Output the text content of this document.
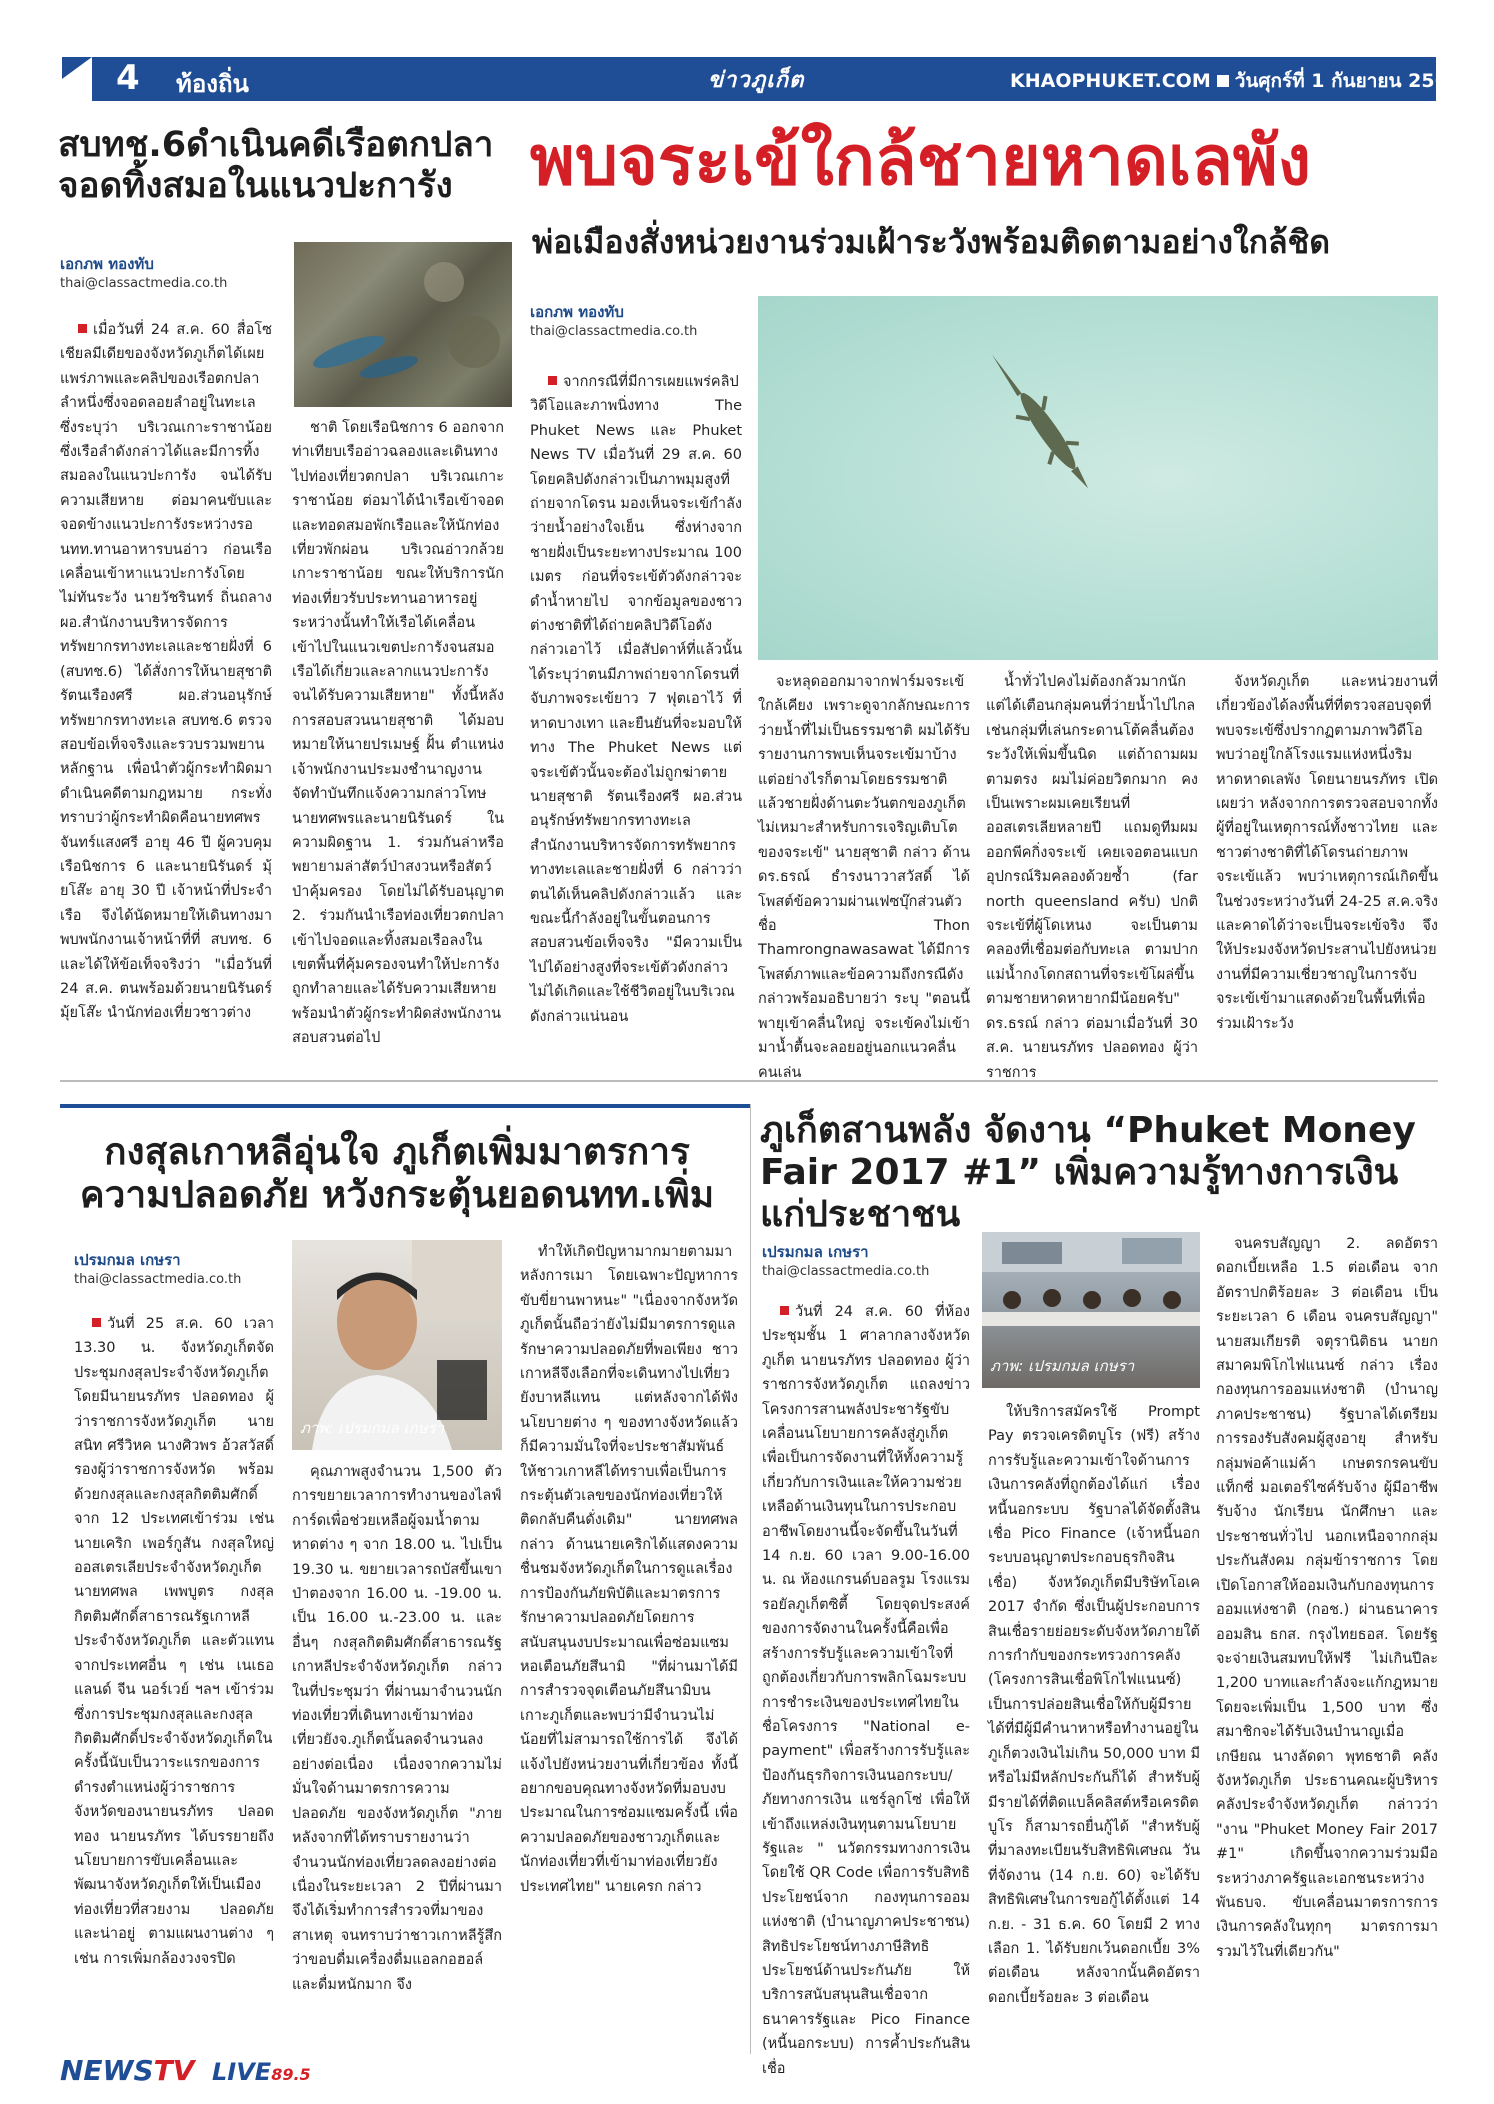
4 ท้องถิ่น	ข่าวภูเก็ต	KHAOPHUKET.COM วันศุกร์ที่ 1 กันยายน 2560
สบทช.6ดำเนินคดีเรือตกปลา จอดทิ้งสมอในแนวปะการัง
เอกภพ ทองทับ
thai@classactmedia.co.th

เมื่อวันที่ 24 ส.ค. 60 สื่อโซเชียลมีเดียของจังหวัดภูเก็ตได้เผยแพร่ภาพและคลิปของเรือตกปลาลำหนึ่งซึ่งจอดลอยลำอยู่ในทะเลซึ่งระบุว่า บริเวณเกาะราชาน้อย ซึ่งเรือลำดังกล่าวได้และมีการทิ้งสมอลงในแนวปะการัง จนได้รับความเสียหาย ต่อมาคนขับและจอดข้างแนวปะการังระหว่างรอ นทท.ทานอาหารบนอ่าว ก่อนเรือเคลื่อนเข้าหาแนวปะการังโดยไม่ทันระวัง นายวัชรินทร์ ถิ่นถลาง ผอ.สำนักงานบริหารจัดการทรัพยากรทางทะเลและชายฝั่งที่ 6 (สบทช.6) ได้สั่งการให้นายสุชาติ รัตนเรืองศรี ผอ.ส่วนอนุรักษ์ทรัพยากรทางทะเล สบทช.6 ตรวจสอบข้อเท็จจริงและรวบรวมพยานหลักฐาน เพื่อนำตัวผู้กระทำผิดมาดำเนินคดีตามกฎหมาย กระทั่งทราบว่าผู้กระทำผิดคือนายทศพร จันทร์แสงศรี อายุ 46 ปี ผู้ควบคุมเรือนิชการ 6 และนายนิรันดร์ มุ้ยโส๊ะ อายุ 30 ปี เจ้าหน้าที่ประจำเรือ จึงได้นัดหมายให้เดินทางมาพบพนักงานเจ้าหน้าที่ที่ สบทช. 6 และได้ให้ข้อเท็จจริงว่า "เมื่อวันที่ 24 ส.ค. ตนพร้อมด้วยนายนิรันดร์ มุ้ยโส๊ะ นำนักท่องเที่ยวชาวต่าง

ชาติ โดยเรือนิชการ 6 ออกจากท่าเทียบเรืออ่าวฉลองและเดินทางไปท่องเที่ยวตกปลา บริเวณเกาะราชาน้อย ต่อมาได้นำเรือเข้าจอดและทอดสมอพักเรือและให้นักท่องเที่ยวพักผ่อน บริเวณอ่าวกล้วยเกาะราชาน้อย ขณะให้บริการนักท่องเที่ยวรับประทานอาหารอยู่ ระหว่างนั้นทำให้เรือได้เคลื่อนเข้าไปในแนวเขตปะการังจนสมอเรือได้เกี่ยวและลากแนวปะการังจนได้รับความเสียหาย" ทั้งนี้หลังการสอบสวนนายสุชาติ ได้มอบหมายให้นายปรเมษฐ์ ฝั้น ตำแหน่งเจ้าพนักงานประมงชำนาญงาน จัดทำบันทึกแจ้งความกล่าวโทษนายทศพรและนายนิรันดร์ ในความผิดฐาน 1. ร่วมกันล่าหรือพยายามล่าสัตว์ป่าสงวนหรือสัตว์ป่าคุ้มครอง โดยไม่ได้รับอนุญาต 2. ร่วมกันนำเรือท่องเที่ยวตกปลาเข้าไปจอดและทิ้งสมอเรือลงในเขตพื้นที่คุ้มครองจนทำให้ปะการังถูกทำลายและได้รับความเสียหาย พร้อมนำตัวผู้กระทำผิดส่งพนักงานสอบสวนต่อไป

พบจระเข้ใกล้ชายหาดเลพัง
พ่อเมืองสั่งหน่วยงานร่วมเฝ้าระวังพร้อมติดตามอย่างใกล้ชิด
เอกภพ ทองทับ
thai@classactmedia.co.th

จากกรณีที่มีการเผยแพร่คลิปวิดีโอและภาพนิ่งทาง The Phuket News และ Phuket News TV เมื่อวันที่ 29 ส.ค. 60 โดยคลิปดังกล่าวเป็นภาพมุมสูงที่ถ่ายจากโดรน มองเห็นจระเข้กำลังว่ายน้ำอย่างใจเย็น ซึ่งห่างจากชายฝั่งเป็นระยะทางประมาณ 100 เมตร ก่อนที่จระเข้ตัวดังกล่าวจะดำน้ำหายไป จากข้อมูลของชาวต่างชาติที่ได้ถ่ายคลิปวิดีโอดังกล่าวเอาไว้ เมื่อสัปดาห์ที่แล้วนั้นได้ระบุว่าตนมีภาพถ่ายจากโดรนที่จับภาพจระเข้ยาว 7 ฟุตเอาไว้ ที่หาดบางเทา และยืนยันที่จะมอบให้ทาง The Phuket News แต่จระเข้ตัวนั้นจะต้องไม่ถูกฆ่าตาย นายสุชาติ รัตนเรืองศรี ผอ.ส่วนอนุรักษ์ทรัพยากรทางทะเล สำนักงานบริหารจัดการทรัพยากรทางทะเลและชายฝั่งที่ 6 กล่าวว่า ตนได้เห็นคลิปดังกล่าวแล้ว และขณะนี้กำลังอยู่ในขั้นตอนการสอบสวนข้อเท็จจริง "มีความเป็นไปได้อย่างสูงที่จระเข้ตัวดังกล่าวไม่ได้เกิดและใช้ชีวิตอยู่ในบริเวณดังกล่าวแน่นอน

จะหลุดออกมาจากฟาร์มจระเข้ใกล้เคียง เพราะดูจากลักษณะการว่ายน้ำที่ไม่เป็นธรรมชาติ ผมได้รับรายงานการพบเห็นจระเข้มาบ้างแต่อย่างไรก็ตามโดยธรรมชาติแล้วชายฝั่งด้านตะวันตกของภูเก็ตไม่เหมาะสำหรับการเจริญเติบโตของจระเข้" นายสุชาติ กล่าว ด้าน ดร.ธรณ์ ธำรงนาวาสวัสดิ์ ได้โพสต์ข้อความผ่านเฟซบุ๊กส่วนตัวชื่อ Thon Thamrongnawasawat ได้มีการโพสต์ภาพและข้อความถึงกรณีดังกล่าวพร้อมอธิบายว่า ระบุ "ตอนนี้พายุเข้าคลื่นใหญ่ จระเข้คงไม่เข้ามาน้ำตื้นจะลอยอยู่นอกแนวคลื่น คนเล่น

น้ำทั่วไปคงไม่ต้องกลัวมากนัก แต่ได้เตือนกลุ่มคนที่ว่ายน้ำไปไกล เช่นกลุ่มที่เล่นกระดานโต้คลื่นต้องระวังให้เพิ่มขึ้นนิด แต่ถ้าถามผมตามตรง ผมไม่ค่อยวิตกมาก คงเป็นเพราะผมเคยเรียนที่ออสเตรเลียหลายปี แถมดูทีมผมออกพีคกิ่งจระเข้ เคยเจอตอนแบกอุปกรณ์ริมคลองด้วยซ้ำ (far north queensland ครับ) ปกติจระเข้ที่ผู้โดเหนง จะเป็นตามคลองที่เชื่อมต่อกับทะเล ตามปากแม่น้ำกงโดกสถานที่จระเข้โผล่ขึ้นตามชายหาดหายากมีน้อยครับ" ดร.ธรณ์ กล่าว ต่อมาเมื่อวันที่ 30 ส.ค. นายนรภัทร ปลอดทอง ผู้ว่าราชการ

จังหวัดภูเก็ต และหน่วยงานที่เกี่ยวข้องได้ลงพื้นที่ที่ตรวจสอบจุดที่พบจระเข้ซึ่งปรากฏตามภาพวิดีโอ พบว่าอยู่ใกล้โรงแรมแห่งหนึ่งริมหาดหาดเลพัง โดยนายนรภัทร เปิดเผยว่า หลังจากการตรวจสอบจากทั้งผู้ที่อยู่ในเหตุการณ์ทั้งชาวไทย และชาวต่างชาติที่ได้โดรนถ่ายภาพจระเข้แล้ว พบว่าเหตุการณ์เกิดขึ้นในช่วงระหว่างวันที่ 24-25 ส.ค.จริง และคาดได้ว่าจะเป็นจระเข้จริง จึงให้ประมงจังหวัดประสานไปยังหน่วยงานที่มีความเชี่ยวชาญในการจับจระเข้เข้ามาแสดงด้วยในพื้นที่เพื่อร่วมเฝ้าระวัง

กงสุลเกาหลีอุ่นใจ ภูเก็ตเพิ่มมาตรการ ความปลอดภัย หวังกระตุ้นยอดนทท.เพิ่ม
เปรมกมล เกษรา
thai@classactmedia.co.th
ภาพ: เปรมกมล เกษรา

วันที่ 25 ส.ค. 60 เวลา 13.30 น. จังหวัดภูเก็ตจัดประชุมกงสุลประจำจังหวัดภูเก็ต โดยมีนายนรภัทร ปลอดทอง ผู้ว่าราชการจังหวัดภูเก็ต นายสนิท ศรีวิหค นางศิวพร อ้วสวัสดิ์ รองผู้ว่าราชการจังหวัด พร้อมด้วยกงสุลและกงสุลกิตติมศักดิ์ จาก 12 ประเทศเข้าร่วม เช่น นายเคริก เพอร์กูสัน กงสุลใหญ่ออสเตรเลียประจำจังหวัดภูเก็ต นายทศพล เพพบูตร กงสุลกิตติมศักดิ์สาธารณรัฐเกาหลีประจำจังหวัดภูเก็ต และตัวแทนจากประเทศอื่น ๆ เช่น เนเธอแลนด์ จีน นอร์เวย์ ฯลฯ เข้าร่วม ซึ่งการประชุมกงสุลและกงสุลกิตติมศักดิ์ประจำจังหวัดภูเก็ตในครั้งนี้นับเป็นวาระแรกของการดำรงตำแหน่งผู้ว่าราชการจังหวัดของนายนรภัทร ปลอดทอง นายนรภัทร ได้บรรยายถึงนโยบายการขับเคลื่อนและพัฒนาจังหวัดภูเก็ตให้เป็นเมืองท่องเที่ยวที่สวยงาม ปลอดภัย และน่าอยู่ ตามแผนงานต่าง ๆ เช่น การเพิ่มกล้องวงจรปิด

คุณภาพสูงจำนวน 1,500 ตัว การขยายเวลาการทำงานของไลฟ์การ์ดเพื่อช่วยเหลือผู้จมน้ำตามหาดต่าง ๆ จาก 18.00 น. ไปเป็น 19.30 น. ขยายเวลารถบัสขึ้นเขาป่าตองจาก 16.00 น. -19.00 น. เป็น 16.00 น.-23.00 น. และอื่นๆ กงสุลกิตติมศักดิ์สาธารณรัฐเกาหลีประจำจังหวัดภูเก็ต กล่าวในที่ประชุมว่า ที่ผ่านมาจำนวนนักท่องเที่ยวที่เดินทางเข้ามาท่องเที่ยวยังจ.ภูเก็ตนั้นลดจำนวนลงอย่างต่อเนื่อง เนื่องจากความไม่มั่นใจด้านมาตรการความปลอดภัย ของจังหวัดภูเก็ต "ภายหลังจากที่ได้ทราบรายงานว่าจำนวนนักท่องเที่ยวลดลงอย่างต่อเนื่องในระยะเวลา 2 ปีที่ผ่านมา จึงได้เริ่มทำการสำรวจที่มาของสาเหตุ จนทราบว่าชาวเกาหลีรู้สึกว่าขอบดื่มเครื่องดื่มแอลกอฮอล์และดื่มหนักมาก จึง

ทำให้เกิดปัญหามากมายตามมาหลังการเมา โดยเฉพาะปัญหาการขับขี่ยานพาหนะ" "เนื่องจากจังหวัดภูเก็ตนั้นถือว่ายังไม่มีมาตรการดูแลรักษาความปลอดภัยที่พอเพียง ชาวเกาหลีจึงเลือกที่จะเดินทางไปเที่ยวยังบาหลีแทน แต่หลังจากได้ฟังนโยบายต่าง ๆ ของทางจังหวัดแล้ว ก็มีความมั่นใจที่จะประชาสัมพันธ์ให้ชาวเกาหลีได้ทราบเพื่อเป็นการกระตุ้นตัวเลขของนักท่องเที่ยวให้ติดกลับคืนดั่งเดิม" นายทศพล กล่าว ด้านนายเคริกได้แสดงความชื่นชมจังหวัดภูเก็ตในการดูแลเรื่องการป้องกันภัยพิบัติและมาตรการรักษาความปลอดภัยโดยการสนับสนุนงบประมาณเพื่อซ่อมแซมหอเตือนภัยสึนามิ "ที่ผ่านมาได้มีการสำรวจจุดเตือนภัยสึนามิบนเกาะภูเก็ตและพบว่ามีจำนวนไม่น้อยที่ไม่สามารถใช้การได้ จึงได้แจ้งไปยังหน่วยงานที่เกี่ยวข้อง ทั้งนี้อยากขอบคุณทางจังหวัดที่มอบงบประมาณในการซ่อมแซมครั้งนี้ เพื่อความปลอดภัยของชาวภูเก็ตและนักท่องเที่ยวที่เข้ามาท่องเที่ยวยังประเทศไทย" นายเครก กล่าว

ภูเก็ตสานพลัง จัดงาน “Phuket Money Fair 2017 #1” เพิ่มความรู้ทางการเงินแก่ประชาชน
เปรมกมล เกษรา
thai@classactmedia.co.th
ภาพ: เปรมกมล เกษรา

วันที่ 24 ส.ค. 60 ที่ห้องประชุมชั้น 1 ศาลากลางจังหวัดภูเก็ต นายนรภัทร ปลอดทอง ผู้ว่าราชการจังหวัดภูเก็ต แถลงข่าวโครงการสานพลังประชารัฐขับเคลื่อนนโยบายการคลังสู่ภูเก็ต เพื่อเป็นการจัดงานที่ให้ทั้งความรู้เกี่ยวกับการเงินและให้ความช่วยเหลือด้านเงินทุนในการประกอบอาชีพโดยงานนี้จะจัดขึ้นในวันที่ 14 ก.ย. 60 เวลา 9.00-16.00 น. ณ ห้องแกรนด์บอลรูม โรงแรมรอยัลภูเก็ตซิตี้ โดยจุดประสงค์ของการจัดงานในครั้งนี้คือเพื่อสร้างการรับรู้และความเข้าใจที่ถูกต้องเกี่ยวกับการพลิกโฉมระบบการชำระเงินของประเทศไทยในชื่อโครงการ "National e-payment" เพื่อสร้างการรับรู้และป้องกันธุรกิจการเงินนอกระบบ/ภัยทางการเงิน แชร์ลูกโซ่ เพื่อให้เข้าถึงแหล่งเงินทุนตามนโยบายรัฐและ " นวัตกรรมทางการเงินโดยใช้ QR Code เพื่อการรับสิทธิประโยชน์จาก กองทุนการออมแห่งชาติ (บำนาญภาคประชาชน) สิทธิประโยชน์ทางภาษีสิทธิประโยชน์ด้านประกันภัย ให้บริการสนับสนุนสินเชื่อจากธนาคารรัฐและ Pico Finance (หนี้นอกระบบ) การค้ำประกันสินเชื่อ

ให้บริการสมัครใช้ Prompt Pay ตรวจเครดิตบูโร (ฟรี) สร้างการรับรู้และความเข้าใจด้านการเงินการคลังที่ถูกต้องได้แก่ เรื่องหนี้นอกระบบ รัฐบาลได้จัดตั้งสินเชื่อ Pico Finance (เจ้าหนี้นอกระบบอนุญาตประกอบธุรกิจสินเชื่อ) จังหวัดภูเก็ตมีบริษัทโอเค 2017 จำกัด ซึ่งเป็นผู้ประกอบการสินเชื่อรายย่อยระดับจังหวัดภายใต้การกำกับของกระทรวงการคลัง (โครงการสินเชื่อพิโกไฟแนนซ์) เป็นการปล่อยสินเชื่อให้กับผู้มีรายได้ที่มีผู้มีคำนาหาหรือทำงานอยู่ในภูเก็ตวงเงินไม่เกิน 50,000 บาท มีหรือไม่มีหลักประกันก็ได้ สำหรับผู้มีรายได้ที่ติดแบล็คลิสต์หรือเครดิตบูโร ก็สามารถยื่นกู้ได้ "สำหรับผู้ที่มาลงทะเบียนรับสิทธิพิเศษณ วันที่จัดงาน (14 ก.ย. 60) จะได้รับสิทธิพิเศษในการขอกู้ได้ตั้งแต่ 14 ก.ย. - 31 ธ.ค. 60 โดยมี 2 ทางเลือก 1. ได้รับยกเว้นดอกเบี้ย 3% ต่อเดือน หลังจากนั้นคิดอัตราดอกเบี้ยร้อยละ 3 ต่อเดือน

จนครบสัญญา 2. ลดอัตราดอกเบี้ยเหลือ 1.5 ต่อเดือน จากอัตราปกติร้อยละ 3 ต่อเดือน เป็นระยะเวลา 6 เดือน จนครบสัญญา" นายสมเกียรติ จตุรานิติธน นายกสมาคมพิโกไฟแนนซ์ กล่าว เรื่องกองทุนการออมแห่งชาติ (บำนาญภาคประชาชน) รัฐบาลได้เตรียมการรองรับสังคมผู้สูงอายุ สำหรับกลุ่มพ่อค้าแม่ค้า เกษตรกรคนขับแท็กซี่ มอเตอร์ไซค์รับจ้าง ผู้มีอาชีพรับจ้าง นักเรียน นักศึกษา และประชาชนทั่วไป นอกเหนือจากกลุ่มประกันสังคม กลุ่มข้าราชการ โดยเปิดโอกาสให้ออมเงินกับกองทุนการออมแห่งชาติ (กอช.) ผ่านธนาคารออมสิน ธกส. กรุงไทยธอส. โดยรัฐจะจ่ายเงินสมทบให้ฟรี ไม่เกินปีละ 1,200 บาทและกำลังจะแก้กฎหมายโดยจะเพิ่มเป็น 1,500 บาท ซึ่งสมาชิกจะได้รับเงินบำนาญเมื่อเกษียณ นางลัดดา พุทธชาติ คลังจังหวัดภูเก็ต ประธานคณะผู้บริหารคลังประจำจังหวัดภูเก็ต กล่าวว่า "งาน "Phuket Money Fair 2017 #1" เกิดขึ้นจากความร่วมมือระหว่างภาครัฐและเอกชนระหว่างพันธบจ. ขับเคลื่อนมาตรการการเงินการคลังในทุกๆ มาตรการมารวมไว้ในที่เดียวกัน"

NEWSTV LIVE89.5
